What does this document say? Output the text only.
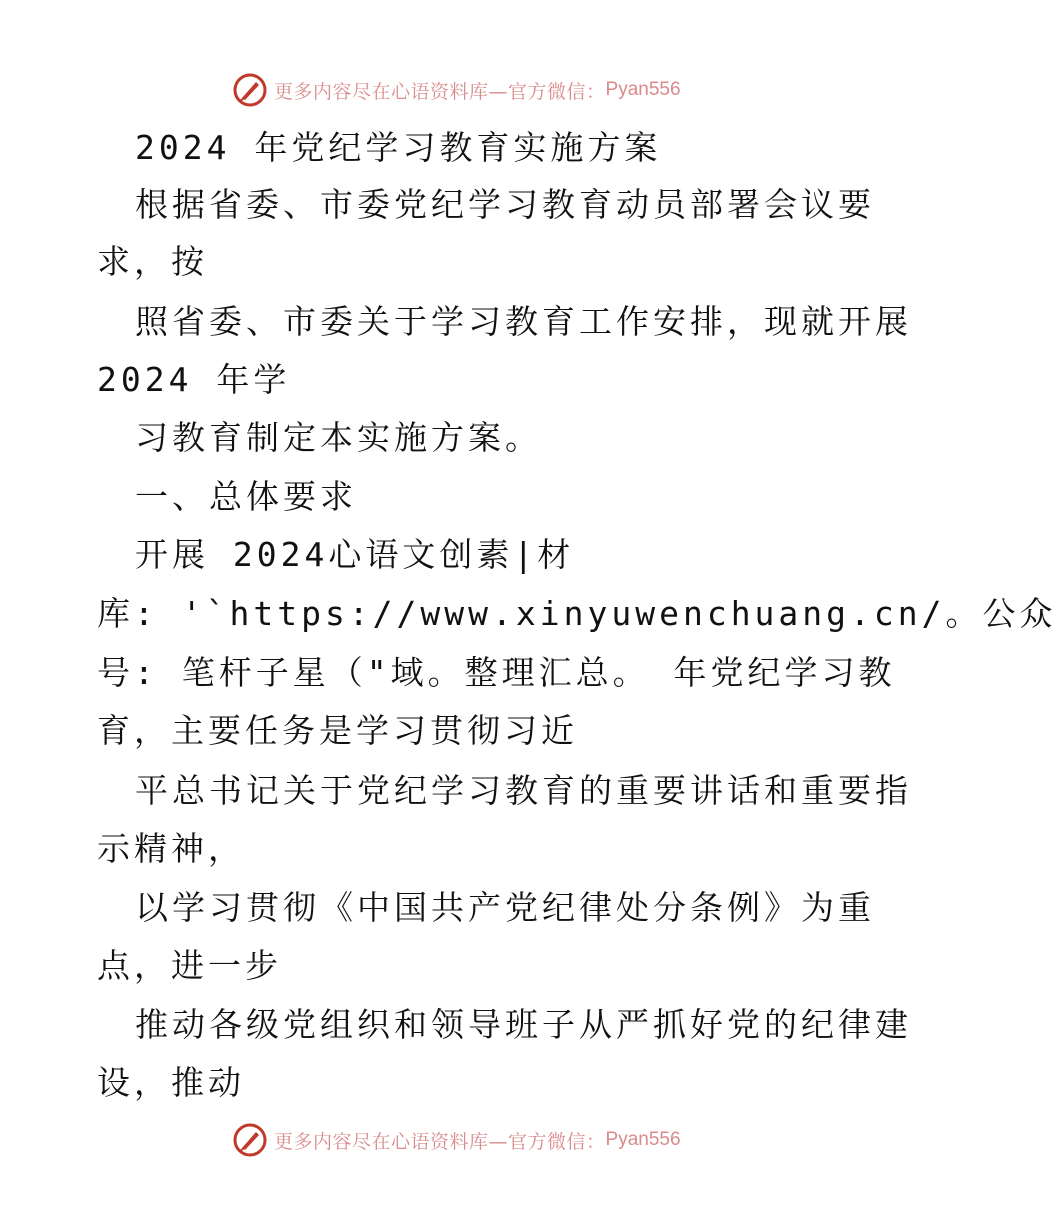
更多内容尽在心语资料库—官方微信： Pyan556
2024 年党纪学习教育实施方案
根据省委、市委党纪学习教育动员部署会议要
求，按
照省委、市委关于学习教育工作安排，现就开展
2024 年学
习教育制定本实施方案。
一、总体要求
开展 2024心语文创素|材
库: '`https://www.xinyuwenchuang.cn/。公众
号: 笔杆子星（"域。整理汇总。 年党纪学习教
育，主要任务是学习贯彻习近
平总书记关于党纪学习教育的重要讲话和重要指
示精神，
以学习贯彻《中国共产党纪律处分条例》为重
点，进一步
推动各级党组织和领导班子从严抓好党的纪律建
设，推动
更多内容尽在心语资料库—官方微信： Pyan556
